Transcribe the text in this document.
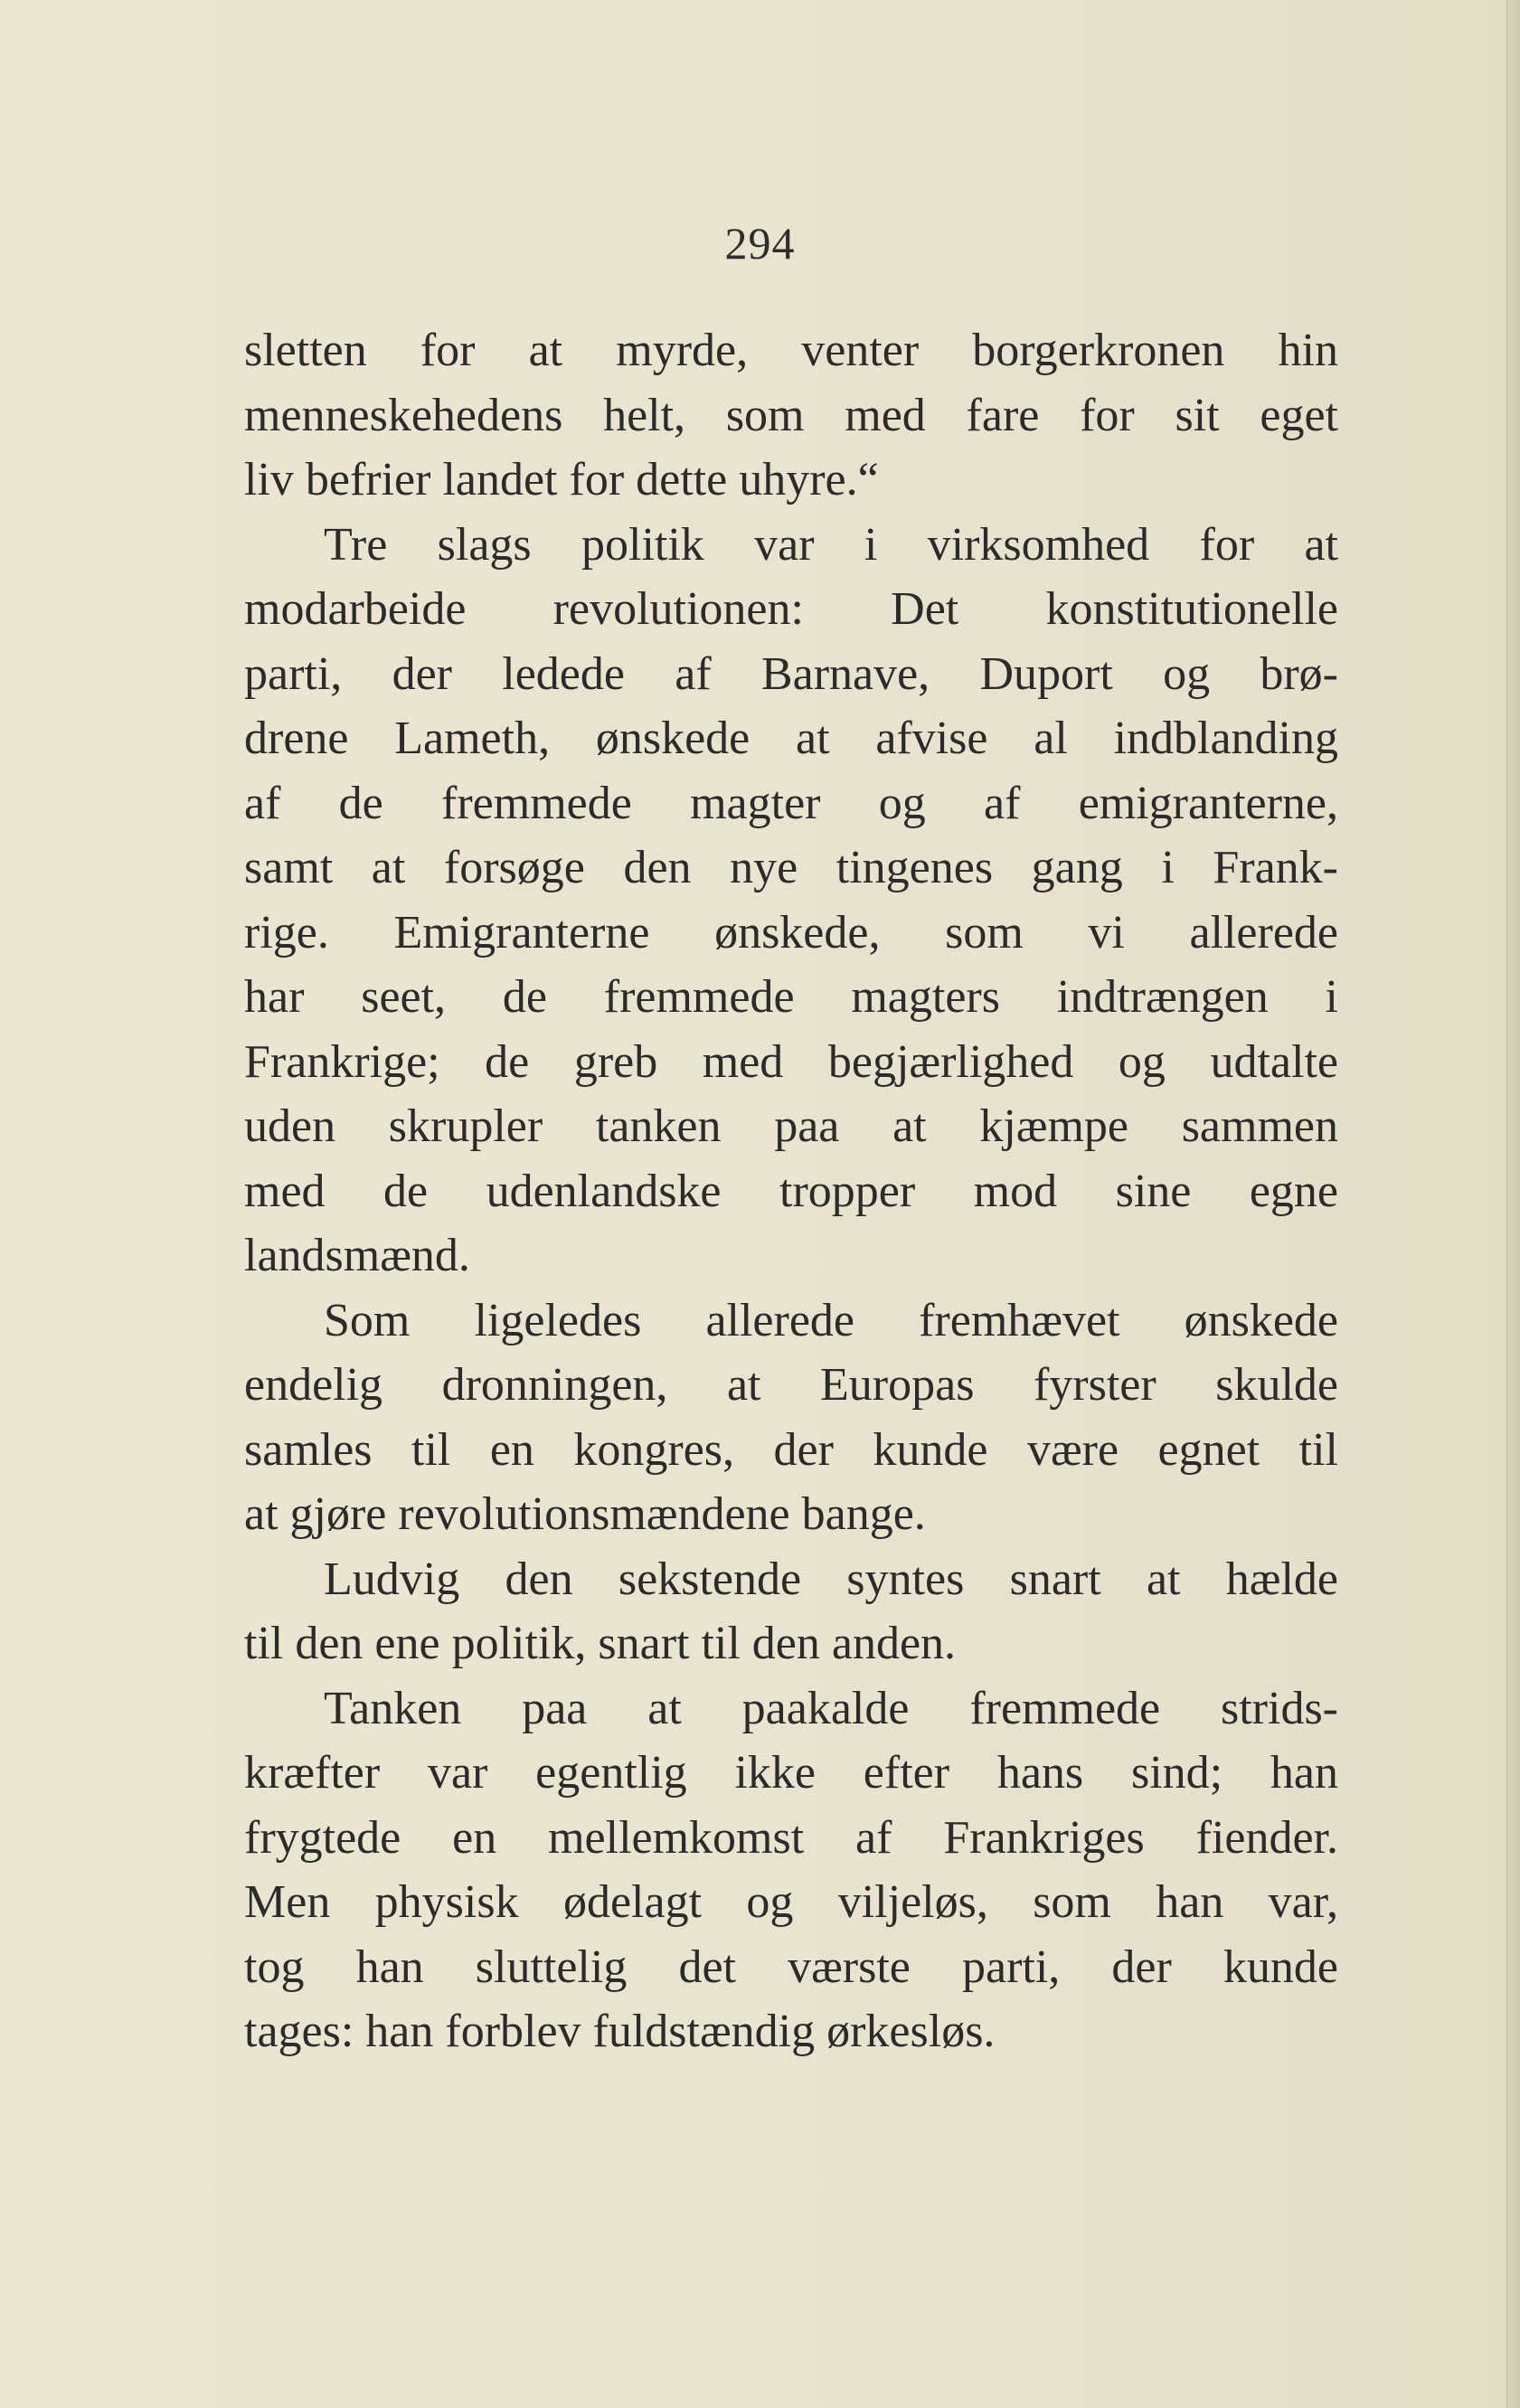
294
sletten for at myrde, venter borgerkronen hin
menneskehedens helt, som med fare for sit eget
liv befrier landet for dette uhyre.“
Tre slags politik var i virksomhed for at
modarbeide revolutionen: Det konstitutionelle
parti, der ledede af Barnave, Duport og brø-
drene Lameth, ønskede at afvise al indblanding
af de fremmede magter og af emigranterne,
samt at forsøge den nye tingenes gang i Frank-
rige. Emigranterne ønskede, som vi allerede
har seet, de fremmede magters indtrængen i
Frankrige; de greb med begjærlighed og udtalte
uden skrupler tanken paa at kjæmpe sammen
med de udenlandske tropper mod sine egne
landsmænd.
Som ligeledes allerede fremhævet ønskede
endelig dronningen, at Europas fyrster skulde
samles til en kongres, der kunde være egnet til
at gjøre revolutionsmændene bange.
Ludvig den sekstende syntes snart at hælde
til den ene politik, snart til den anden.
Tanken paa at paakalde fremmede strids-
kræfter var egentlig ikke efter hans sind; han
frygtede en mellemkomst af Frankriges fiender.
Men physisk ødelagt og viljeløs, som han var,
tog han sluttelig det værste parti, der kunde
tages: han forblev fuldstændig ørkesløs.
